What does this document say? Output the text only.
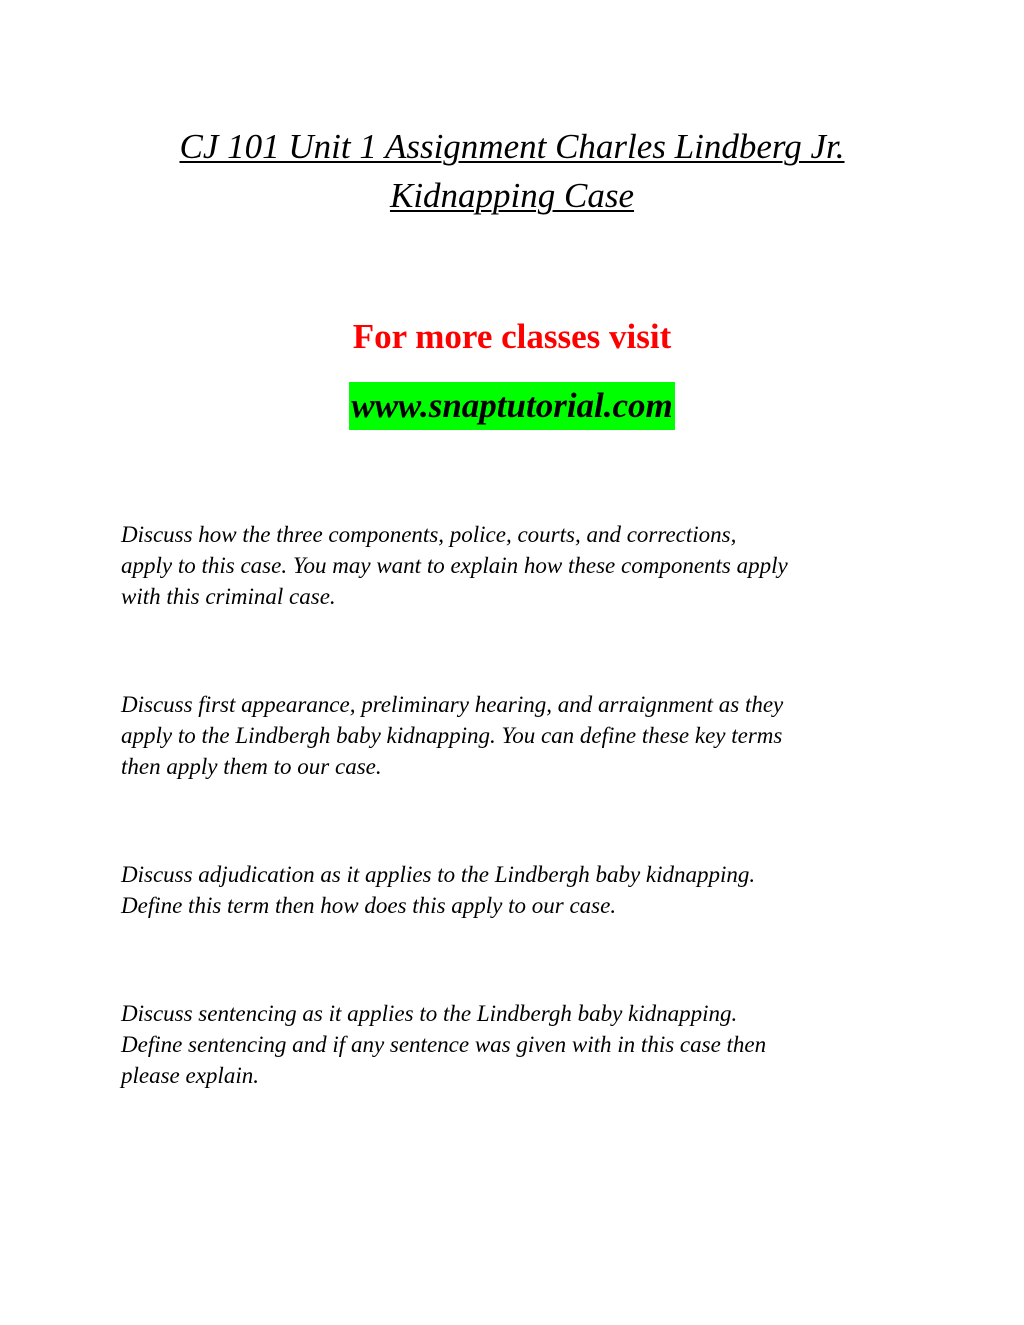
CJ 101 Unit 1 Assignment Charles Lindberg Jr.
Kidnapping Case

For more classes visit

www.snaptutorial.com

Discuss how the three components, police, courts, and corrections,
apply to this case. You may want to explain how these components apply
with this criminal case.

Discuss first appearance, preliminary hearing, and arraignment as they
apply to the Lindbergh baby kidnapping. You can define these key terms
then apply them to our case.

Discuss adjudication as it applies to the Lindbergh baby kidnapping.
Define this term then how does this apply to our case.

Discuss sentencing as it applies to the Lindbergh baby kidnapping.
Define sentencing and if any sentence was given with in this case then
please explain.
